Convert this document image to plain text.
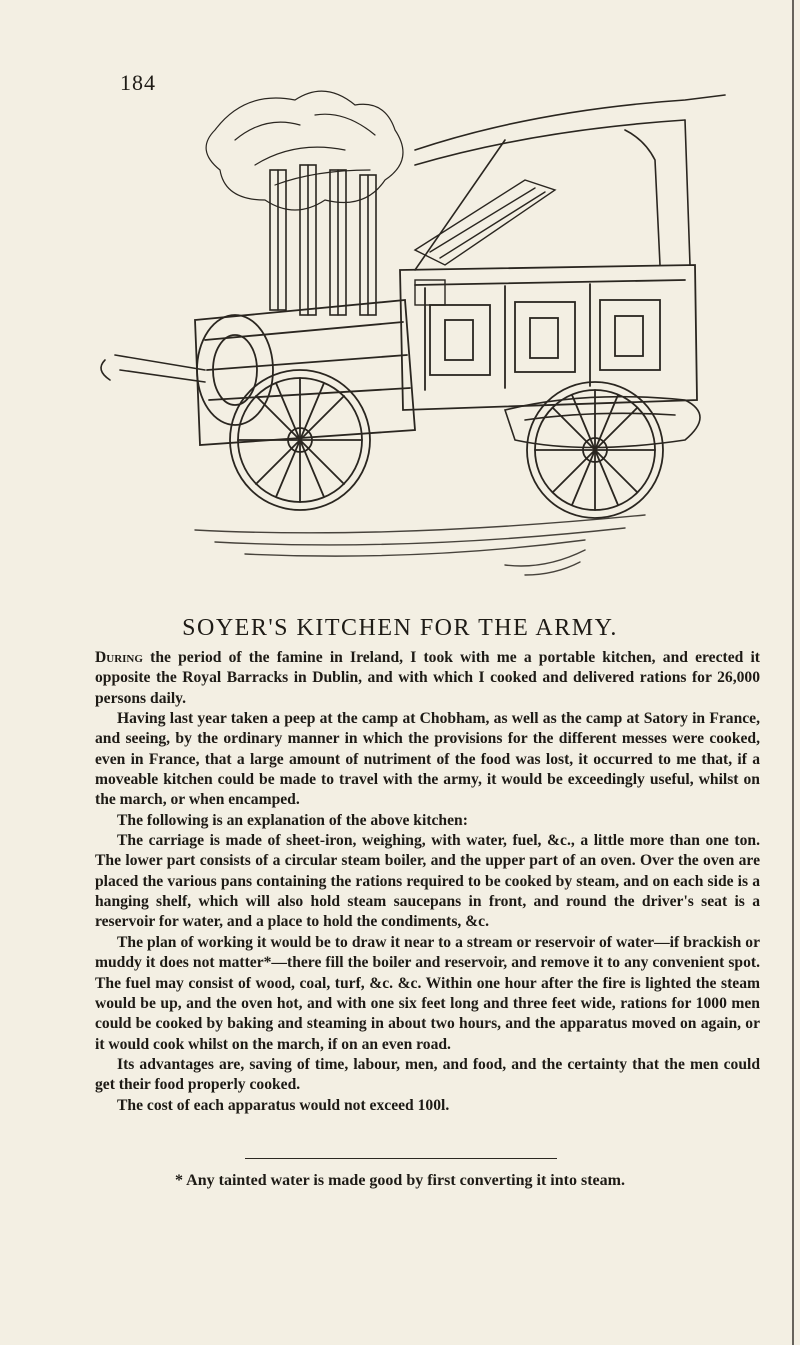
184
SOYER'S KITCHEN FOR THE ARMY.

During the period of the famine in Ireland, I took with me a portable kitchen, and erected it opposite the Royal Barracks in Dublin, and with which I cooked and delivered rations for 26,000 persons daily.

Having last year taken a peep at the camp at Chobham, as well as the camp at Satory in France, and seeing, by the ordinary manner in which the provisions for the different messes were cooked, even in France, that a large amount of nutriment of the food was lost, it occurred to me that, if a moveable kitchen could be made to travel with the army, it would be exceedingly useful, whilst on the march, or when encamped.

The following is an explanation of the above kitchen:

The carriage is made of sheet-iron, weighing, with water, fuel, &c., a little more than one ton. The lower part consists of a circular steam boiler, and the upper part of an oven. Over the oven are placed the various pans containing the rations required to be cooked by steam, and on each side is a hanging shelf, which will also hold steam saucepans in front, and round the driver's seat is a reservoir for water, and a place to hold the condiments, &c.

The plan of working it would be to draw it near to a stream or reservoir of water—if brackish or muddy it does not matter*—there fill the boiler and reservoir, and remove it to any convenient spot. The fuel may consist of wood, coal, turf, &c. &c. Within one hour after the fire is lighted the steam would be up, and the oven hot, and with one six feet long and three feet wide, rations for 1000 men could be cooked by baking and steaming in about two hours, and the apparatus moved on again, or it would cook whilst on the march, if on an even road.

Its advantages are, saving of time, labour, men, and food, and the certainty that the men could get their food properly cooked.

The cost of each apparatus would not exceed 100l.

* Any tainted water is made good by first converting it into steam.
